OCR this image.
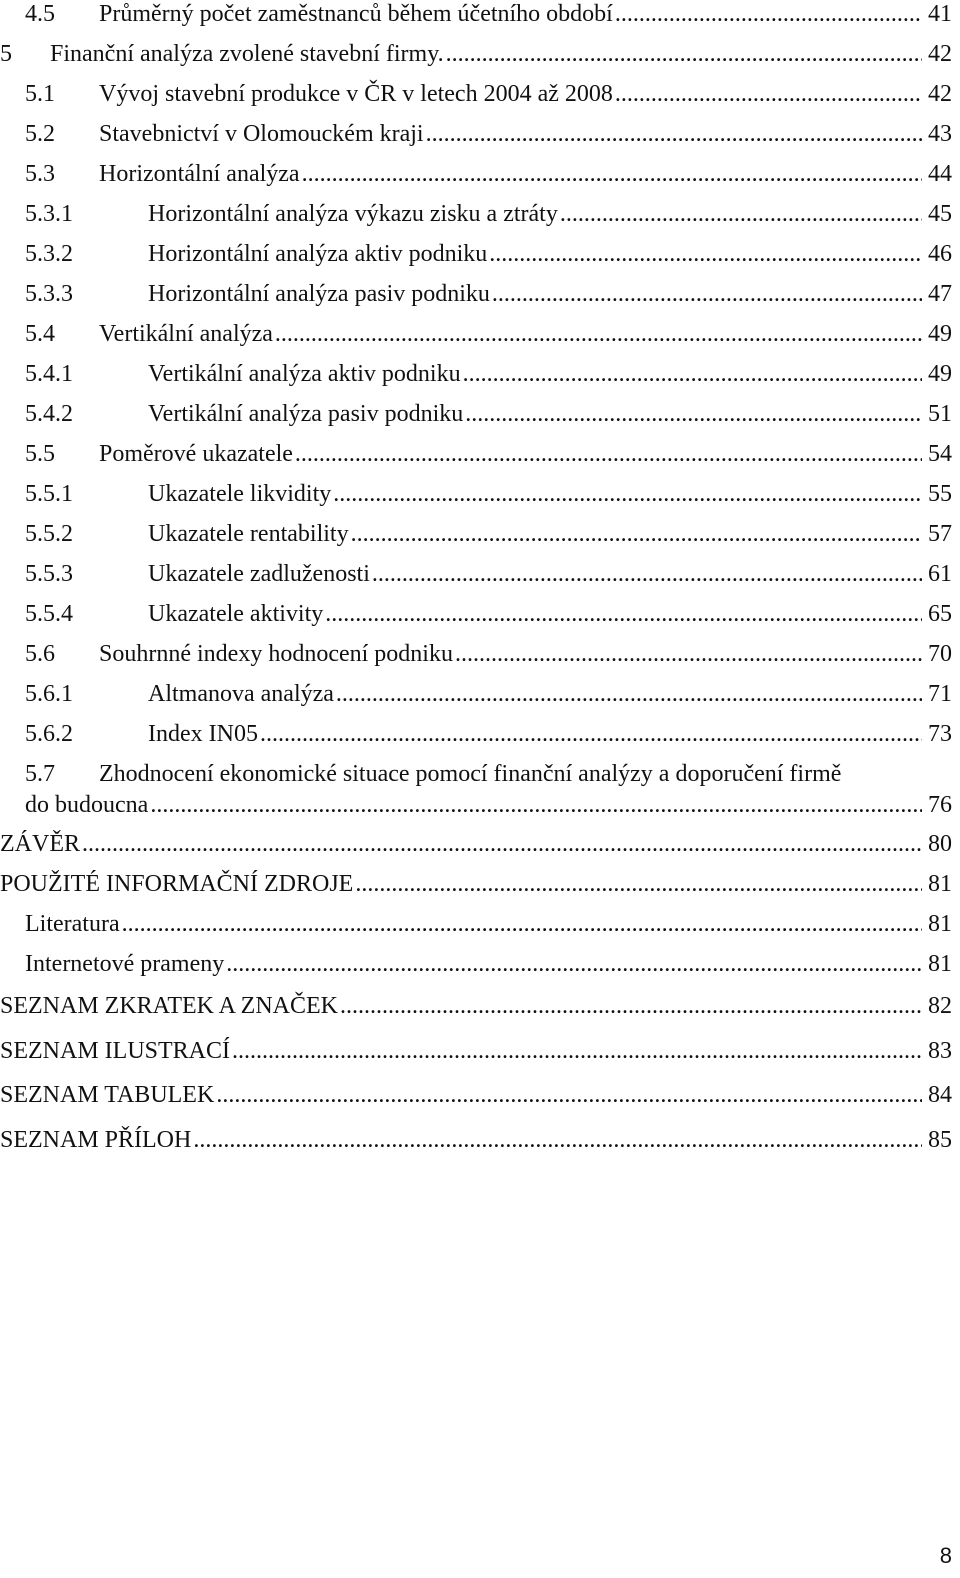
4.5	Průměrný počet zaměstnanců během účetního období .....	41
5	Finanční analýza zvolené stavební firmy. .....	42
5.1	Vývoj stavební produkce v ČR v letech 2004 až 2008 .....	42
5.2	Stavebnictví v Olomouckém kraji .....	43
5.3	Horizontální analýza .....	44
5.3.1	Horizontální analýza výkazu zisku a ztráty .....	45
5.3.2	Horizontální analýza aktiv podniku .....	46
5.3.3	Horizontální analýza pasiv podniku .....	47
5.4	Vertikální analýza .....	49
5.4.1	Vertikální analýza aktiv podniku .....	49
5.4.2	Vertikální analýza pasiv podniku .....	51
5.5	Poměrové ukazatele .....	54
5.5.1	Ukazatele likvidity .....	55
5.5.2	Ukazatele rentability .....	57
5.5.3	Ukazatele zadluženosti .....	61
5.5.4	Ukazatele aktivity .....	65
5.6	Souhrnné indexy hodnocení podniku .....	70
5.6.1	Altmanova analýza .....	71
5.6.2	Index IN05 .....	73
5.7 Zhodnocení ekonomické situace pomocí finanční analýzy a doporučení firmě
do budoucna .....	76
ZÁVĚR .....	80
POUŽITÉ INFORMAČNÍ ZDROJE .....	81
Literatura .....	81
Internetové prameny .....	81
SEZNAM ZKRATEK A ZNAČEK .....	82
SEZNAM ILUSTRACÍ .....	83
SEZNAM TABULEK .....	84
SEZNAM PŘÍLOH .....	85
8
